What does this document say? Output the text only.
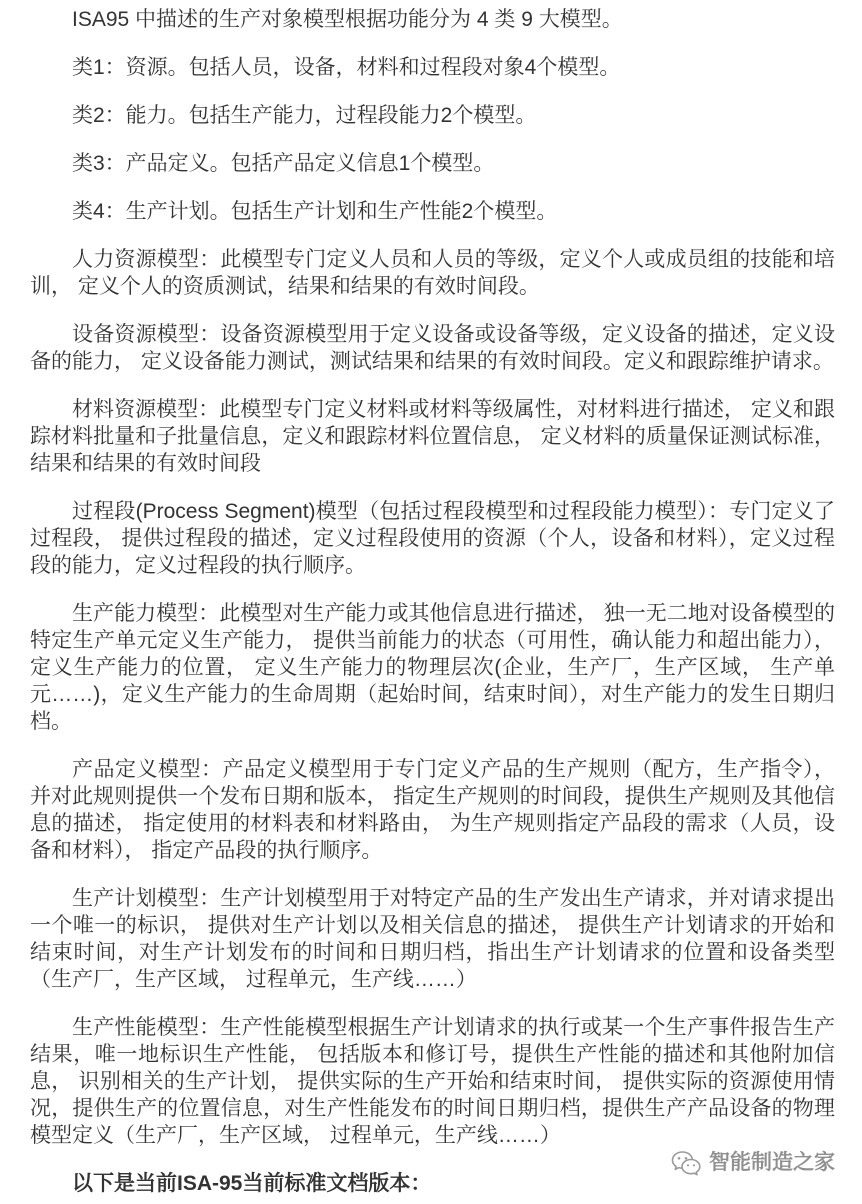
ISA95 中描述的生产对象模型根据功能分为 4 类 9 大模型。

类1：资源。包括人员，设备，材料和过程段对象4个模型。

类2：能力。包括生产能力，过程段能力2个模型。

类3：产品定义。包括产品定义信息1个模型。

类4：生产计划。包括生产计划和生产性能2个模型。

人力资源模型：此模型专门定义人员和人员的等级，定义个人或成员组的技能和培
训， 定义个人的资质测试，结果和结果的有效时间段。

设备资源模型：设备资源模型用于定义设备或设备等级，定义设备的描述，定义设
备的能力， 定义设备能力测试，测试结果和结果的有效时间段。定义和跟踪维护请求。

材料资源模型：此模型专门定义材料或材料等级属性，对材料进行描述， 定义和跟
踪材料批量和子批量信息，定义和跟踪材料位置信息， 定义材料的质量保证测试标准，
结果和结果的有效时间段

过程段(Process Segment)模型（包括过程段模型和过程段能力模型）：专门定义了
过程段， 提供过程段的描述，定义过程段使用的资源（个人，设备和材料），定义过程
段的能力，定义过程段的执行顺序。

生产能力模型：此模型对生产能力或其他信息进行描述， 独一无二地对设备模型的
特定生产单元定义生产能力， 提供当前能力的状态（可用性，确认能力和超出能力），
定义生产能力的位置， 定义生产能力的物理层次(企业，生产厂，生产区域， 生产单
元……)，定义生产能力的生命周期（起始时间，结束时间），对生产能力的发生日期归
档。

产品定义模型：产品定义模型用于专门定义产品的生产规则（配方，生产指令），
并对此规则提供一个发布日期和版本， 指定生产规则的时间段，提供生产规则及其他信
息的描述， 指定使用的材料表和材料路由， 为生产规则指定产品段的需求（人员，设
备和材料）， 指定产品段的执行顺序。

生产计划模型：生产计划模型用于对特定产品的生产发出生产请求，并对请求提出
一个唯一的标识， 提供对生产计划以及相关信息的描述， 提供生产计划请求的开始和
结束时间，对生产计划发布的时间和日期归档，指出生产计划请求的位置和设备类型
（生产厂，生产区域， 过程单元，生产线……）

生产性能模型：生产性能模型根据生产计划请求的执行或某一个生产事件报告生产
结果，唯一地标识生产性能， 包括版本和修订号，提供生产性能的描述和其他附加信
息， 识别相关的生产计划， 提供实际的生产开始和结束时间， 提供实际的资源使用情
况，提供生产的位置信息，对生产性能发布的时间日期归档，提供生产产品设备的物理
模型定义（生产厂，生产区域， 过程单元，生产线……）

以下是当前ISA-95当前标准文档版本：

智能制造之家
